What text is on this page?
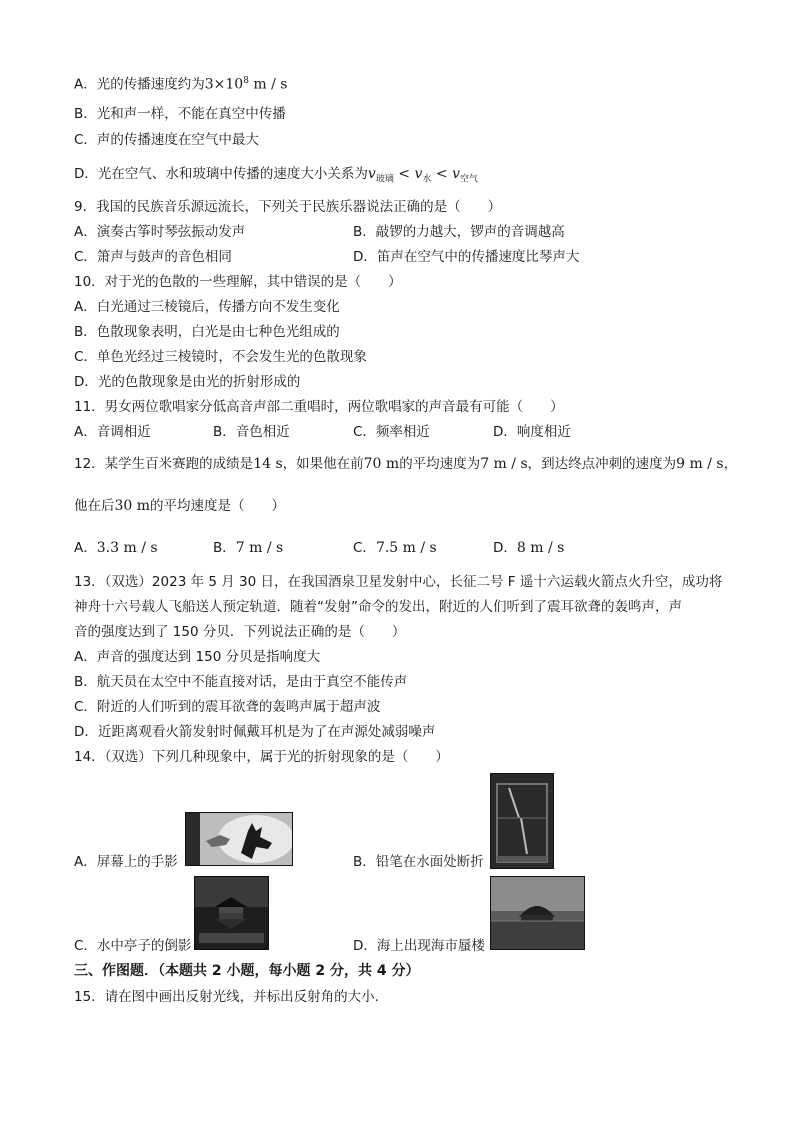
A．光的传播速度约为$3\times 10^8$ m / s
B．光和声一样，不能在真空中传播
C．声的传播速度在空气中最大
D．光在空气、水和玻璃中传播的速度大小关系为$v_{玻璃} < v_水 < v_{空气}$
9．我国的民族音乐源远流长，下列关于民族乐器说法正确的是（　　）
A．演奏古筝时琴弦振动发声	B．敲锣的力越大，锣声的音调越高
C．箫声与鼓声的音色相同	D．笛声在空气中的传播速度比琴声大
10．对于光的色散的一些理解，其中错误的是（　　）
A．白光通过三棱镜后，传播方向不发生变化
B．色散现象表明，白光是由七种色光组成的
C．单色光经过三棱镜时，不会发生光的色散现象
D．光的色散现象是由光的折射形成的
11．男女两位歌唱家分低高音声部二重唱时，两位歌唱家的声音最有可能（　　）
A．音调相近	B．音色相近	C．频率相近	D．响度相近
12．某学生百米赛跑的成绩是14 s，如果他在前70 m的平均速度为7 m / s，到达终点冲刺的速度为9 m / s，
他在后30 m的平均速度是（　　）
A．3.3 m / s	B．7 m / s	C．7.5 m / s	D．8 m / s
13．（双选）2023 年 5 月 30 日，在我国酒泉卫星发射中心，长征二号 F 遥十六运载火箭点火升空，成功将
神舟十六号载人飞船送人预定轨道．随着“发射”命令的发出，附近的人们听到了震耳欲聋的轰鸣声，声
音的强度达到了 150 分贝．下列说法正确的是（　　）
A．声音的强度达到 150 分贝是指响度大
B．航天员在太空中不能直接对话，是由于真空不能传声
C．附近的人们听到的震耳欲聋的轰鸣声属于超声波
D．近距离观看火箭发射时佩戴耳机是为了在声源处减弱噪声
14．（双选）下列几种现象中，属于光的折射现象的是（　　）
A．屏幕上的手影	B．铅笔在水面处断折
C．水中亭子的倒影	D．海上出现海市蜃楼
三、作图题．（本题共 2 小题，每小题 2 分，共 4 分）
15．请在图中画出反射光线，并标出反射角的大小．
